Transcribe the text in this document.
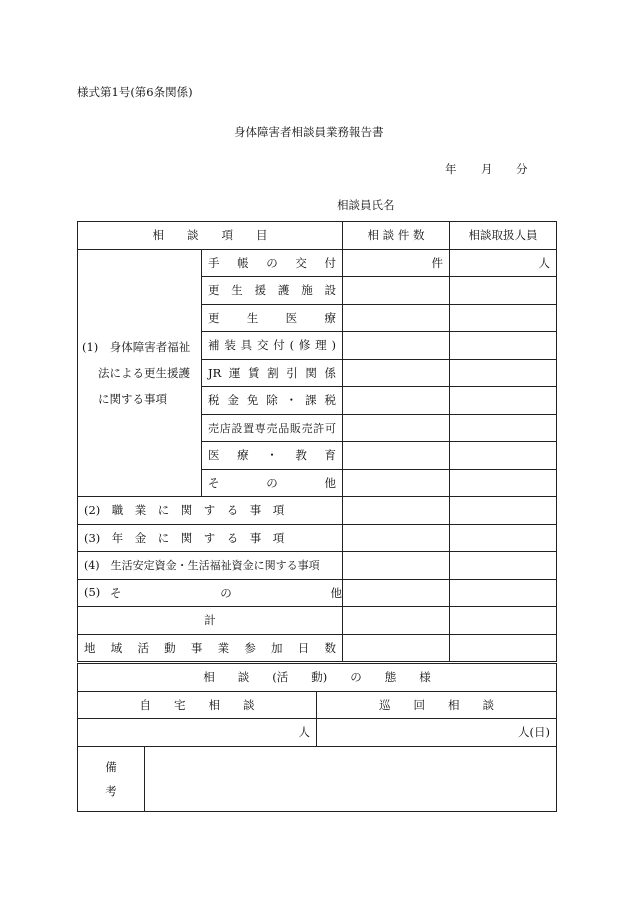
様式第1号(第6条関係)
身体障害者相談員業務報告書
年 月 分
相談員氏名
相　　談　　項　　目		相 談 件 数	相談取扱人員

(1)　身体障害者福祉
法による更生援護
に関する事項	手帳の交付	件	人
	更生援護施設		
	更生医療		
	補装具交付(修理)		
	JR運賃割引関係		
	税金免除・課税		
	売店設置専売品販売許可		
	医療・教育		
	その他		
(2)　職　業　に　関　す　る　事　項			
(3)　年　金　に　関　す　る　事　項			
(4)　生活安定資金・生活福祉資金に関する事項			
(5) そ　　　　の　　　　他			
計			
地　域　活　動　事　業　参　加　日　数			
相　　談　　(活　　動)　　の　　態　　様		
自　　宅　　相　　談		巡　　回　　相　　談
人		人(日)

備
考		
